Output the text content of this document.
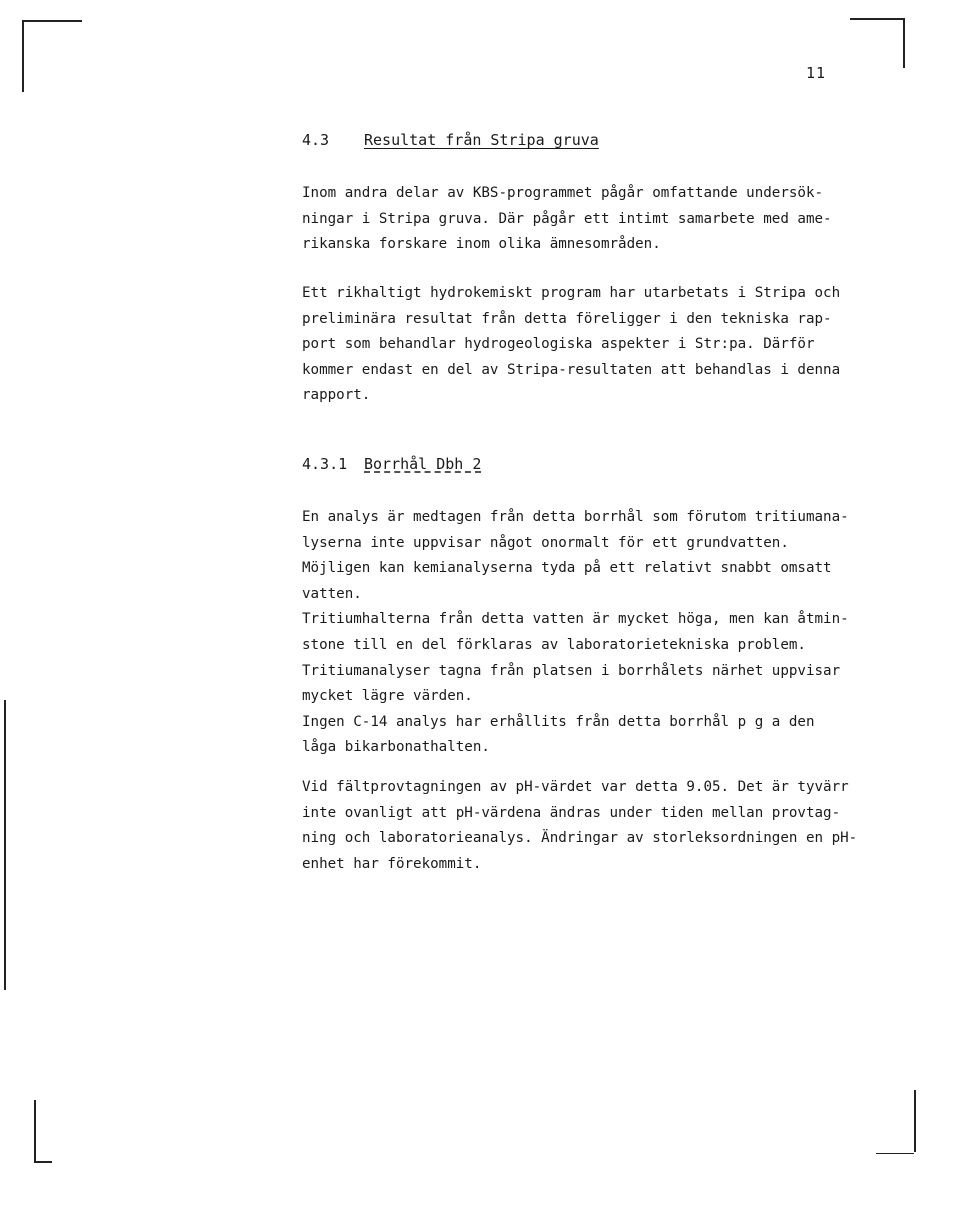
11
4.3 Resultat från Stripa gruva

Inom andra delar av KBS-programmet pågår omfattande undersök-
ningar i Stripa gruva. Där pågår ett intimt samarbete med ame-
rikanska forskare inom olika ämnesområden.

Ett rikhaltigt hydrokemiskt program har utarbetats i Stripa och
preliminära resultat från detta föreligger i den tekniska rap-
port som behandlar hydrogeologiska aspekter i Str:pa. Därför
kommer endast en del av Stripa-resultaten att behandlas i denna
rapport.

4.3.1 Borrhål Dbh 2

En analys är medtagen från detta borrhål som förutom tritiumana-
lyserna inte uppvisar något onormalt för ett grundvatten.
Möjligen kan kemianalyserna tyda på ett relativt snabbt omsatt
vatten.
Tritiumhalterna från detta vatten är mycket höga, men kan åtmin-
stone till en del förklaras av laboratorietekniska problem.
Tritiumanalyser tagna från platsen i borrhålets närhet uppvisar
mycket lägre värden.
Ingen C-14 analys har erhållits från detta borrhål p g a den
låga bikarbonathalten.

Vid fältprovtagningen av pH-värdet var detta 9.05. Det är tyvärr
inte ovanligt att pH-värdena ändras under tiden mellan provtag-
ning och laboratorieanalys. Ändringar av storleksordningen en pH-
enhet har förekommit.
